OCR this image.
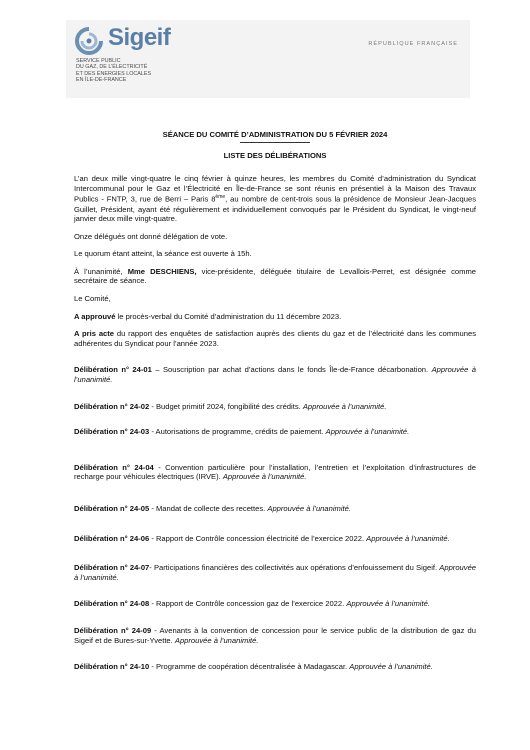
Sigeif
SERVICE PUBLIC
DU GAZ, DE L’ÉLECTRICITÉ
ET DES ÉNERGIES LOCALES
EN ÎLE-DE-FRANCE
RÉPUBLIQUE FRANÇAISE
SÉANCE DU COMITÉ D’ADMINISTRATION DU 5 FÉVRIER 2024
LISTE DES DÉLIBÉRATIONS

L’an deux mille vingt-quatre le cinq février à quinze heures, les membres du Comité d’administration du Syndicat Intercommunal pour le Gaz et l’Électricité en Île-de-France se sont réunis en présentiel à la Maison des Travaux Publics - FNTP, 3, rue de Berri – Paris 8ème, au nombre de cent-trois sous la présidence de Monsieur Jean-Jacques Guillet, Président, ayant été régulièrement et individuellement convoqués par le Président du Syndicat, le vingt-neuf janvier deux mille vingt-quatre.

Onze délégués ont donné délégation de vote.

Le quorum étant atteint, la séance est ouverte à 15h.

À l’unanimité, Mme DESCHIENS, vice-présidente, déléguée titulaire de Levallois-Perret, est désignée comme secrétaire de séance.

Le Comité,

A approuvé le procès-verbal du Comité d’administration du 11 décembre 2023.

A pris acte du rapport des enquêtes de satisfaction auprès des clients du gaz et de l’électricité dans les communes adhérentes du Syndicat pour l’année 2023.

Délibération n° 24-01 – Souscription par achat d’actions dans le fonds Île-de-France décarbonation. Approuvée à l’unanimité.

Délibération n° 24-02 - Budget primitif 2024, fongibilité des crédits. Approuvée à l’unanimité.

Délibération n° 24-03 - Autorisations de programme, crédits de paiement. Approuvée à l’unanimité.

Délibération n° 24-04 - Convention particulière pour l’installation, l’entretien et l’exploitation d’infrastructures de recharge pour véhicules électriques (IRVE). Approuvée à l’unanimité.

Délibération n° 24-05 - Mandat de collecte des recettes. Approuvée à l’unanimité.

Délibération n° 24-06 - Rapport de Contrôle concession électricité de l’exercice 2022. Approuvée à l’unanimité.

Délibération n° 24-07- Participations financières des collectivités aux opérations d’enfouissement du Sigeif. Approuvée à l’unanimité.

Délibération n° 24-08 - Rapport de Contrôle concession gaz de l’exercice 2022. Approuvée à l’unanimité.

Délibération n° 24-09 - Avenants à la convention de concession pour le service public de la distribution de gaz du Sigeif et de Bures-sur-Yvette. Approuvée à l’unanimité.

Délibération n° 24-10 - Programme de coopération décentralisée à Madagascar. Approuvée à l’unanimité.
